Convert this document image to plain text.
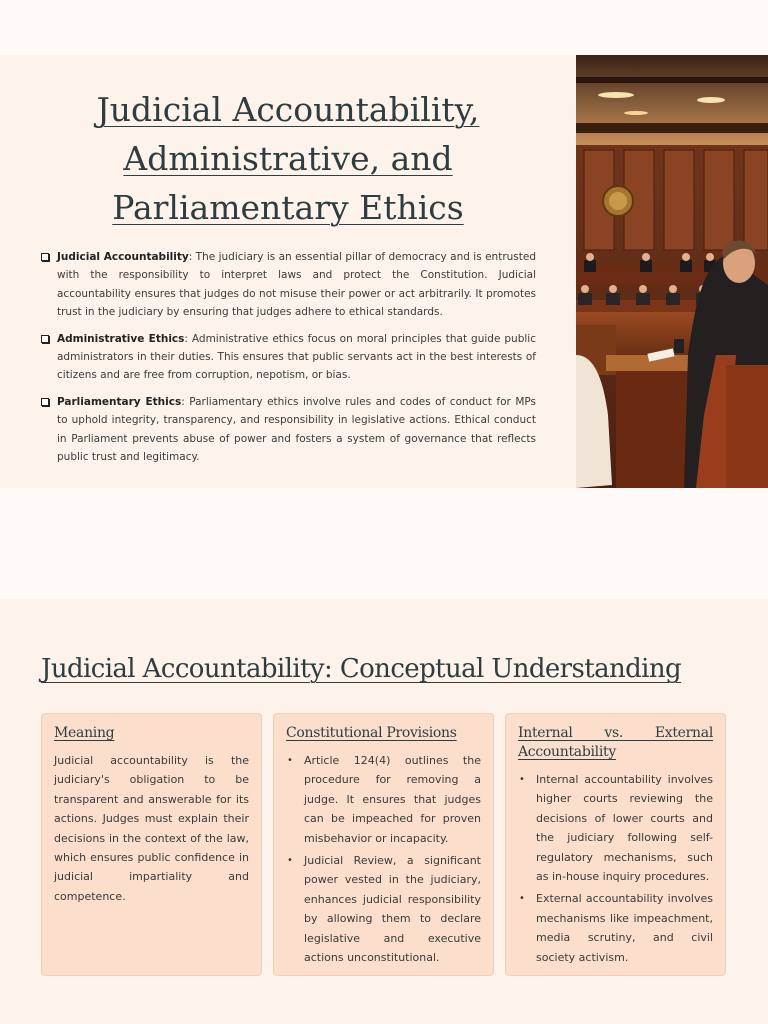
Judicial Accountability, Administrative, and Parliamentary Ethics
Judicial Accountability: The judiciary is an essential pillar of democracy and is entrusted with the responsibility to interpret laws and protect the Constitution. Judicial accountability ensures that judges do not misuse their power or act arbitrarily. It promotes trust in the judiciary by ensuring that judges adhere to ethical standards.
Administrative Ethics: Administrative ethics focus on moral principles that guide public administrators in their duties. This ensures that public servants act in the best interests of citizens and are free from corruption, nepotism, or bias.
Parliamentary Ethics: Parliamentary ethics involve rules and codes of conduct for MPs to uphold integrity, transparency, and responsibility in legislative actions. Ethical conduct in Parliament prevents abuse of power and fosters a system of governance that reflects public trust and legitimacy.
Judicial Accountability: Conceptual Understanding
Meaning

Judicial accountability is the judiciary's obligation to be transparent and answerable for its actions. Judges must explain their decisions in the context of the law, which ensures public confidence in judicial impartiality and competence.

Constitutional Provisions
• Article 124(4) outlines the procedure for removing a judge. It ensures that judges can be impeached for proven misbehavior or incapacity.
• Judicial Review, a significant power vested in the judiciary, enhances judicial responsibility by allowing them to declare legislative and executive actions unconstitutional.
Internal vs. External Accountability
• Internal accountability involves higher courts reviewing the decisions of lower courts and the judiciary following self-regulatory mechanisms, such as in-house inquiry procedures.
• External accountability involves mechanisms like impeachment, media scrutiny, and civil society activism.
